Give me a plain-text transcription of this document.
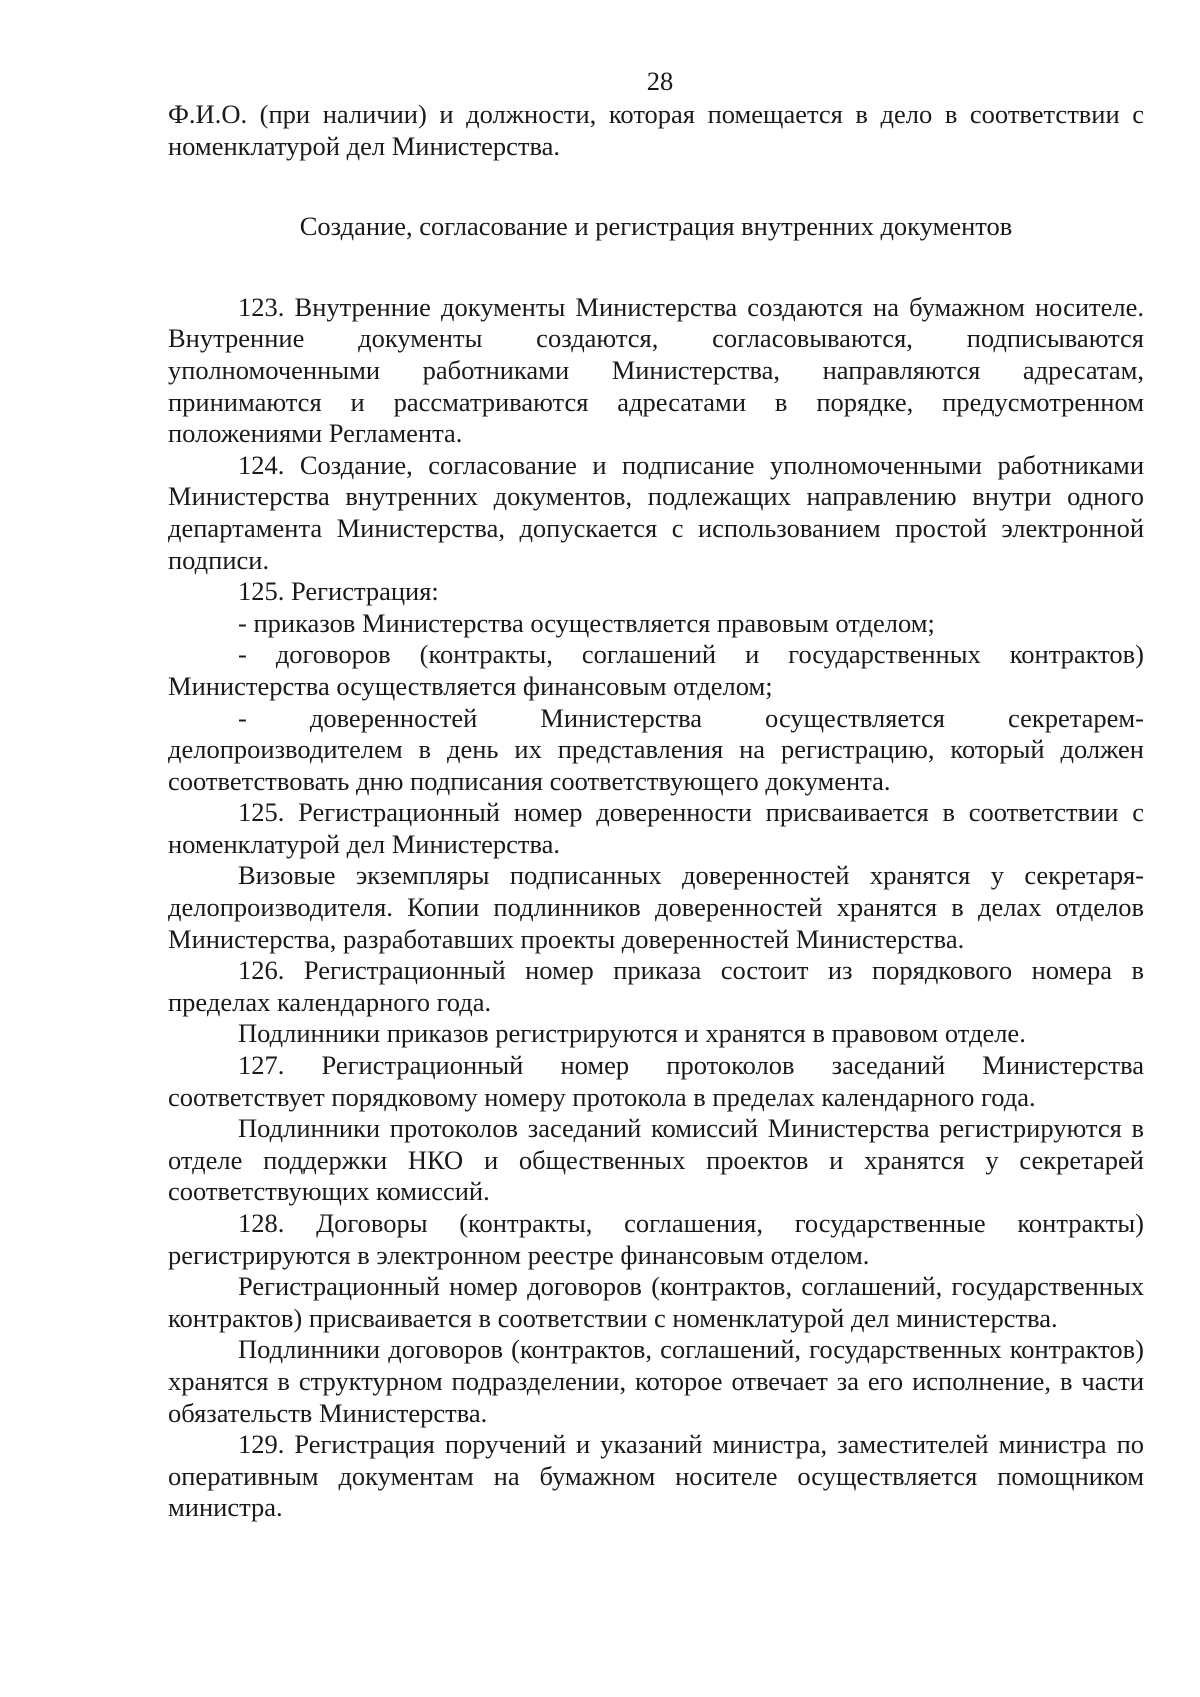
28

Ф.И.О. (при наличии) и должности, которая помещается в дело в соответствии с номенклатурой дел Министерства.

Создание, согласование и регистрация внутренних документов

123. Внутренние документы Министерства создаются на бумажном носителе. Внутренние документы создаются, согласовываются, подписываются уполномоченными работниками Министерства, направляются адресатам, принимаются и рассматриваются адресатами в порядке, предусмотренном положениями Регламента.

124. Создание, согласование и подписание уполномоченными работниками Министерства внутренних документов, подлежащих направлению внутри одного департамента Министерства, допускается с использованием простой электронной подписи.

125. Регистрация:

- приказов Министерства осуществляется правовым отделом;

- договоров (контракты, соглашений и государственных контрактов) Министерства осуществляется финансовым отделом;

- доверенностей Министерства осуществляется секретарем-делопроизводителем в день их представления на регистрацию, который должен соответствовать дню подписания соответствующего документа.

125. Регистрационный номер доверенности присваивается в соответствии с номенклатурой дел Министерства.

Визовые экземпляры подписанных доверенностей хранятся у секретаря-делопроизводителя. Копии подлинников доверенностей хранятся в делах отделов Министерства, разработавших проекты доверенностей Министерства.

126. Регистрационный номер приказа состоит из порядкового номера в пределах календарного года.

Подлинники приказов регистрируются и хранятся в правовом отделе.

127. Регистрационный номер протоколов заседаний Министерства соответствует порядковому номеру протокола в пределах календарного года.

Подлинники протоколов заседаний комиссий Министерства регистрируются в отделе поддержки НКО и общественных проектов и хранятся у секретарей соответствующих комиссий.

128. Договоры (контракты, соглашения, государственные контракты) регистрируются в электронном реестре финансовым отделом.

Регистрационный номер договоров (контрактов, соглашений, государственных контрактов) присваивается в соответствии с номенклатурой дел министерства.

Подлинники договоров (контрактов, соглашений, государственных контрактов) хранятся в структурном подразделении, которое отвечает за его исполнение, в части обязательств Министерства.

129. Регистрация поручений и указаний министра, заместителей министра по оперативным документам на бумажном носителе осуществляется помощником министра.
